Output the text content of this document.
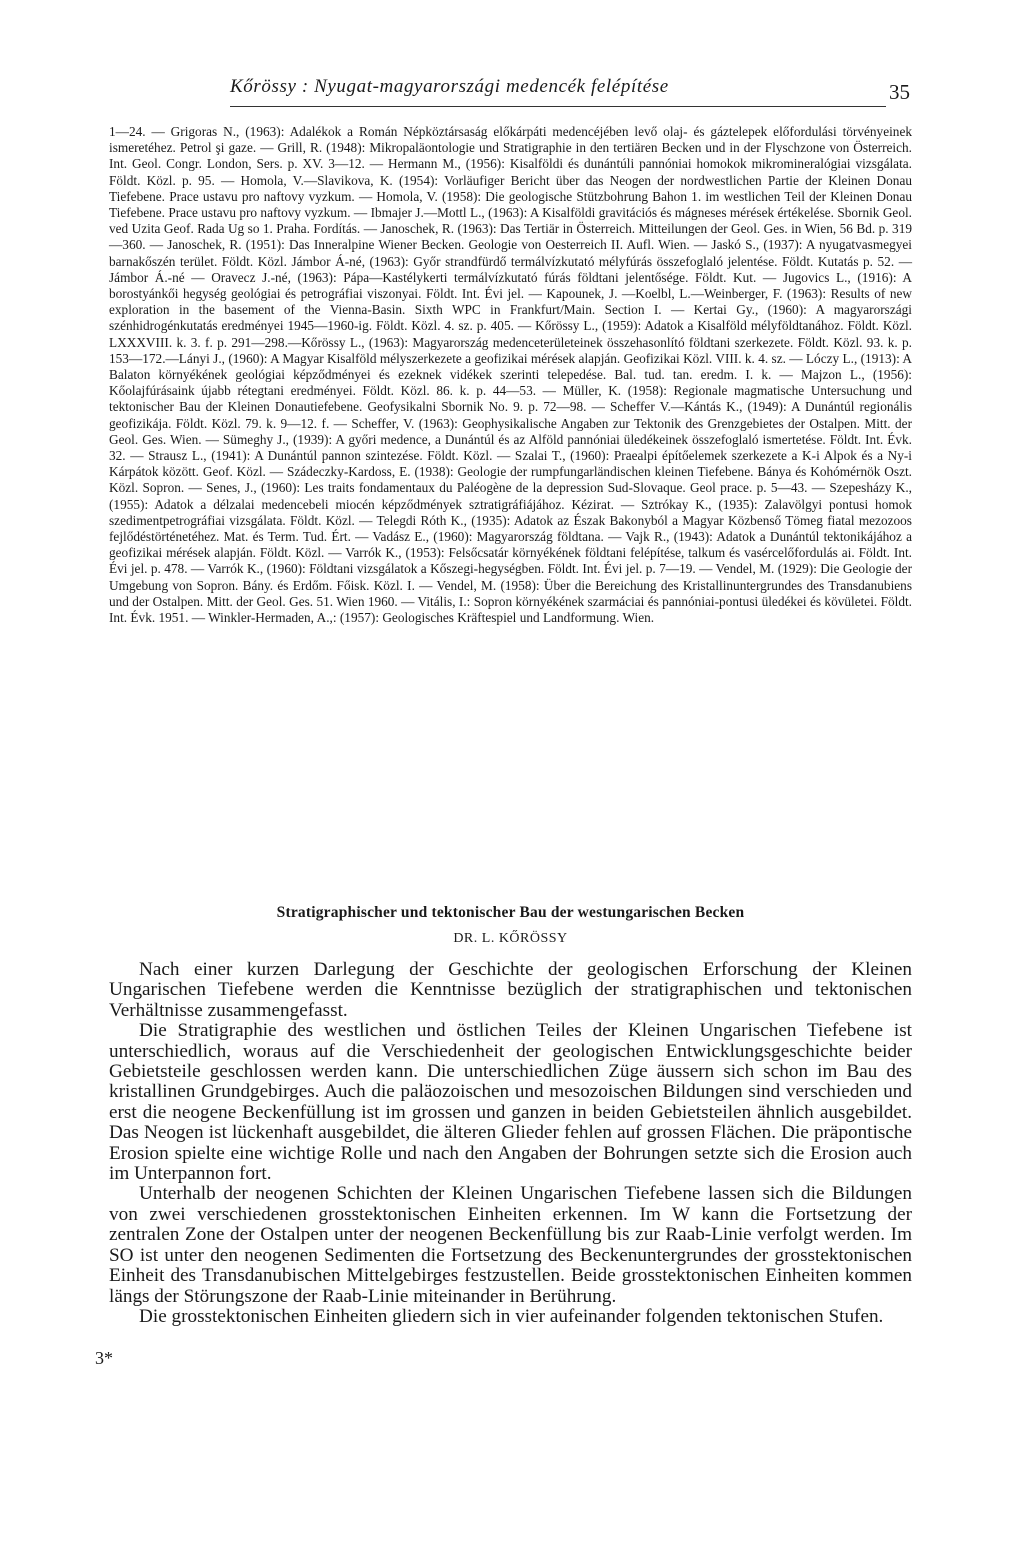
Kőrössy : Nyugat-magyarországi medencék felépítése	35

1—24. — Grigoras N., (1963): Adalékok a Román Népköztársaság előkárpáti medencéjében levő olaj- és gáztelepek előfordulási törvényeinek ismeretéhez. Petrol şi gaze. — Grill, R. (1948): Mikropaläontologie und Stratigraphie in den tertiären Becken und in der Flyschzone von Österreich. Int. Geol. Congr. London, Sers. p. XV. 3—12. — Hermann M., (1956): Kisalföldi és dunántúli pannóniai homokok mikromineralógiai vizsgálata. Földt. Közl. p. 95. — Homola, V.—Slavikova, K. (1954): Vorläufiger Bericht über das Neogen der nordwestlichen Partie der Kleinen Donau Tiefebene. Prace ustavu pro naftovy vyzkum. — Homola, V. (1958): Die geologische Stützbohrung Bahon 1. im westlichen Teil der Kleinen Donau Tiefebene. Prace ustavu pro naftovy vyzkum. — Ibmajer J.—Mottl L., (1963): A Kisalföldi gravitációs és mágneses mérések értékelése. Sbornik Geol. ved Uzita Geof. Rada Ug so 1. Praha. Fordítás. — Janoschek, R. (1963): Das Tertiär in Österreich. Mitteilungen der Geol. Ges. in Wien, 56 Bd. p. 319—360. — Janoschek, R. (1951): Das Inneralpine Wiener Becken. Geologie von Oesterreich II. Aufl. Wien. — Jaskó S., (1937): A nyugatvasmegyei barnakőszén terület. Földt. Közl. Jámbor Á-né, (1963): Győr strandfürdő termálvízkutató mélyfúrás összefoglaló jelentése. Földt. Kutatás p. 52. — Jámbor Á.-né — Oravecz J.-né, (1963): Pápa—Kastélykerti termálvízkutató fúrás földtani jelentősége. Földt. Kut. — Jugovics L., (1916): A borostyánkői hegység geológiai és petrográfiai viszonyai. Földt. Int. Évi jel. — Kapounek, J. —Koelbl, L.—Weinberger, F. (1963): Results of new exploration in the basement of the Vienna-Basin. Sixth WPC in Frankfurt/Main. Section I. — Kertai Gy., (1960): A magyarországi szénhidrogénkutatás eredményei 1945—1960-ig. Földt. Közl. 4. sz. p. 405. — Kőrössy L., (1959): Adatok a Kisalföld mélyföldtanához. Földt. Közl. LXXXVIII. k. 3. f. p. 291—298.—Kőrössy L., (1963): Magyarország medenceterületeinek összehasonlító földtani szerkezete. Földt. Közl. 93. k. p. 153—172.—Lányi J., (1960): A Magyar Kisalföld mélyszerkezete a geofizikai mérések alapján. Geofizikai Közl. VIII. k. 4. sz. — Lóczy L., (1913): A Balaton környékének geológiai képződményei és ezeknek vidékek szerinti telepedése. Bal. tud. tan. eredm. I. k. — Majzon L., (1956): Kőolajfúrásaink újabb rétegtani eredményei. Földt. Közl. 86. k. p. 44—53. — Müller, K. (1958): Regionale magmatische Untersuchung und tektonischer Bau der Kleinen Donautiefebene. Geofysikalni Sbornik No. 9. p. 72—98. — Scheffer V.—Kántás K., (1949): A Dunántúl regionális geofizikája. Földt. Közl. 79. k. 9—12. f. — Scheffer, V. (1963): Geophysikalische Angaben zur Tektonik des Grenzgebietes der Ostalpen. Mitt. der Geol. Ges. Wien. — Sümeghy J., (1939): A győri medence, a Dunántúl és az Alföld pannóniai üledékeinek összefoglaló ismertetése. Földt. Int. Évk. 32. — Strausz L., (1941): A Dunántúl pannon szintezése. Földt. Közl. — Szalai T., (1960): Praealpi építőelemek szerkezete a K-i Alpok és a Ny-i Kárpátok között. Geof. Közl. — Szádeczky-Kardoss, E. (1938): Geologie der rumpfungarländischen kleinen Tiefebene. Bánya és Kohómérnök Oszt. Közl. Sopron. — Senes, J., (1960): Les traits fondamentaux du Paléogène de la depression Sud-Slovaque. Geol prace. p. 5—43. — Szepesházy K., (1955): Adatok a délzalai medencebeli miocén képződmények sztratigráfiájához. Kézirat. — Sztrókay K., (1935): Zalavölgyi pontusi homok szedimentpetrográfiai vizsgálata. Földt. Közl. — Telegdi Róth K., (1935): Adatok az Észak Bakonyból a Magyar Közbenső Tömeg fiatal mezozoos fejlődéstörténetéhez. Mat. és Term. Tud. Ért. — Vadász E., (1960): Magyarország földtana. — Vajk R., (1943): Adatok a Dunántúl tektonikájához a geofizikai mérések alapján. Földt. Közl. — Varrók K., (1953): Felsőcsatár környékének földtani felépítése, talkum és vasércelőfordulás ai. Földt. Int. Évi jel. p. 478. — Varrók K., (1960): Földtani vizsgálatok a Kőszegi-hegységben. Földt. Int. Évi jel. p. 7—19. — Vendel, M. (1929): Die Geologie der Umgebung von Sopron. Bány. és Erdőm. Főisk. Közl. I. — Vendel, M. (1958): Über die Bereichung des Kristallinuntergrundes des Transdanubiens und der Ostalpen. Mitt. der Geol. Ges. 51. Wien 1960. — Vitális, I.: Sopron környékének szarmáciai és pannóniai-pontusi üledékei és kövületei. Földt. Int. Évk. 1951. — Winkler-Hermaden, A.,: (1957): Geologisches Kräftespiel und Landformung. Wien.

Stratigraphischer und tektonischer Bau der westungarischen Becken
DR. L. KŐRÖSSY

Nach einer kurzen Darlegung der Geschichte der geologischen Erforschung der Kleinen Ungarischen Tiefebene werden die Kenntnisse bezüglich der stratigraphischen und tektonischen Verhältnisse zusammengefasst.

Die Stratigraphie des westlichen und östlichen Teiles der Kleinen Ungarischen Tiefebene ist unterschiedlich, woraus auf die Verschiedenheit der geologischen Entwicklungsgeschichte beider Gebietsteile geschlossen werden kann. Die unterschiedlichen Züge äussern sich schon im Bau des kristallinen Grundgebirges. Auch die paläozoischen und mesozoischen Bildungen sind verschieden und erst die neogene Beckenfüllung ist im grossen und ganzen in beiden Gebietsteilen ähnlich ausgebildet. Das Neogen ist lückenhaft ausgebildet, die älteren Glieder fehlen auf grossen Flächen. Die präpontische Erosion spielte eine wichtige Rolle und nach den Angaben der Bohrungen setzte sich die Erosion auch im Unterpannon fort.

Unterhalb der neogenen Schichten der Kleinen Ungarischen Tiefebene lassen sich die Bildungen von zwei verschiedenen grosstektonischen Einheiten erkennen. Im W kann die Fortsetzung der zentralen Zone der Ostalpen unter der neogenen Beckenfüllung bis zur Raab-Linie verfolgt werden. Im SO ist unter den neogenen Sedimenten die Fortsetzung des Beckenuntergrundes der grosstektonischen Einheit des Transdanubischen Mittelgebirges festzustellen. Beide grosstektonischen Einheiten kommen längs der Störungszone der Raab-Linie miteinander in Berührung.

Die grosstektonischen Einheiten gliedern sich in vier aufeinander folgenden tektonischen Stufen.

3*
